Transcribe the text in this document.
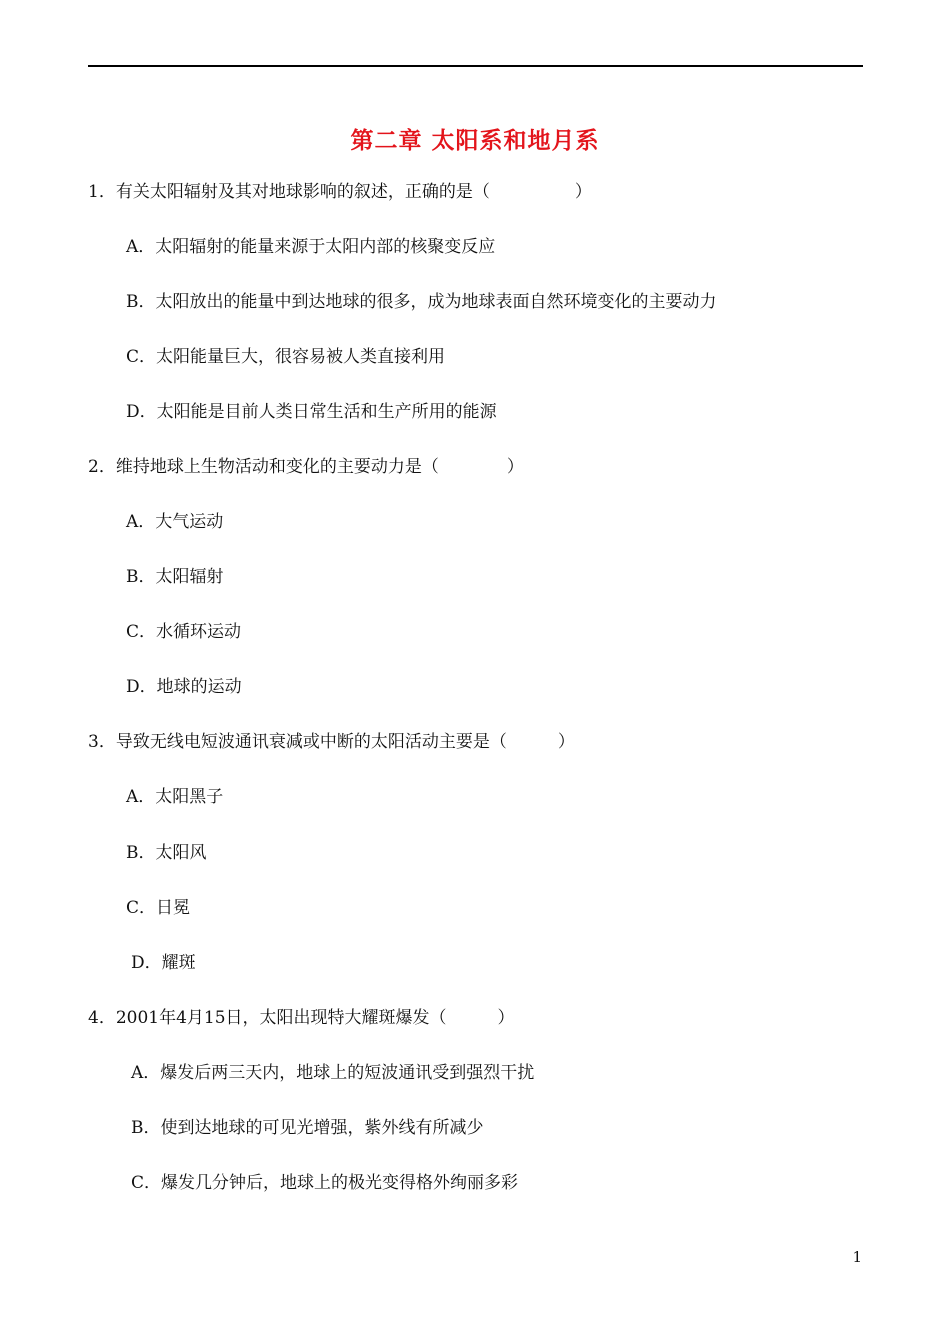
第二章 太阳系和地月系
1．有关太阳辐射及其对地球影响的叙述，正确的是（　　　　　）
A．太阳辐射的能量来源于太阳内部的核聚变反应
B．太阳放出的能量中到达地球的很多，成为地球表面自然环境变化的主要动力
C．太阳能量巨大，很容易被人类直接利用
D．太阳能是目前人类日常生活和生产所用的能源
2．维持地球上生物活动和变化的主要动力是（　　　　）
A．大气运动
B．太阳辐射
C．水循环运动
D．地球的运动
3．导致无线电短波通讯衰减或中断的太阳活动主要是（　　　）
A．太阳黑子
B．太阳风
C．日冕
D．耀斑
4．2001年4月15日，太阳出现特大耀斑爆发（　　　）
A．爆发后两三天内，地球上的短波通讯受到强烈干扰
B．使到达地球的可见光增强，紫外线有所减少
C．爆发几分钟后，地球上的极光变得格外绚丽多彩
1
